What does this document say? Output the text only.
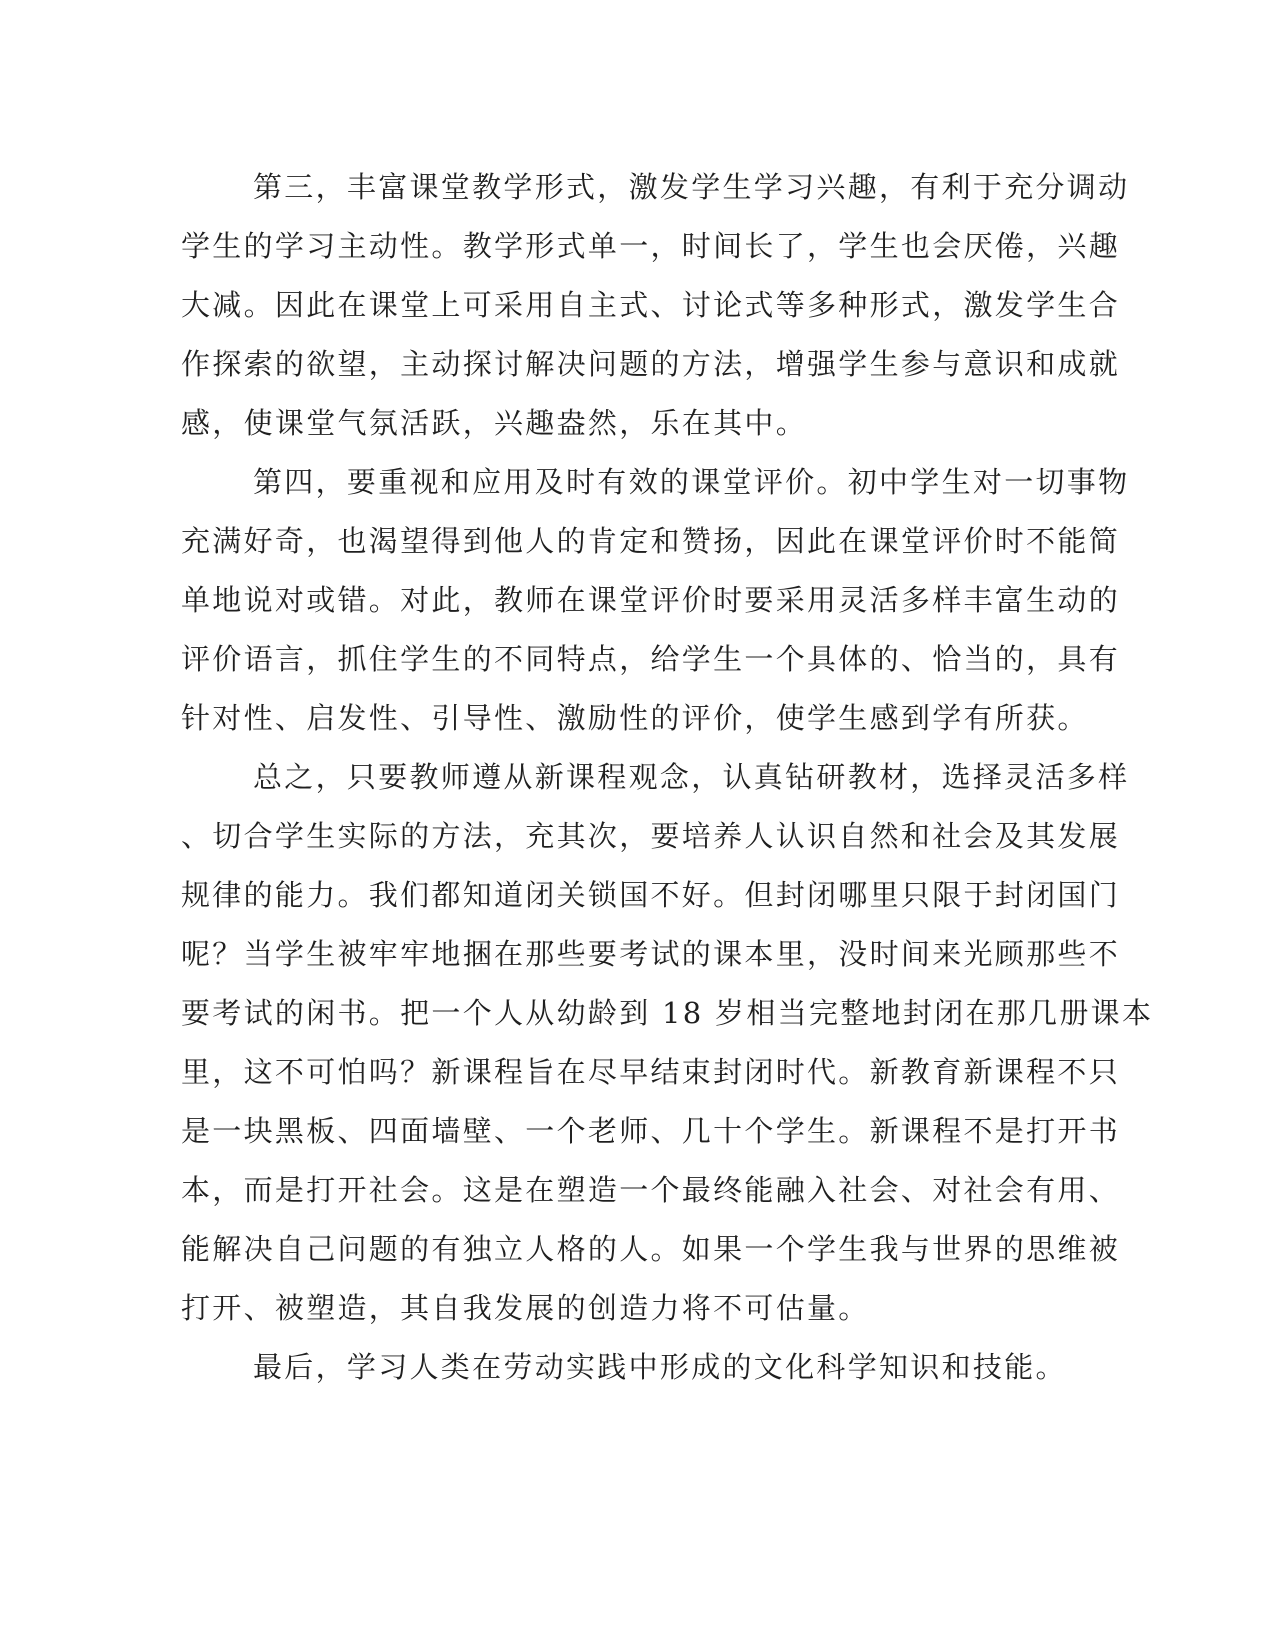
第三，丰富课堂教学形式，激发学生学习兴趣，有利于充分调动
学生的学习主动性。教学形式单一，时间长了，学生也会厌倦，兴趣
大减。因此在课堂上可采用自主式、讨论式等多种形式，激发学生合
作探索的欲望，主动探讨解决问题的方法，增强学生参与意识和成就
感，使课堂气氛活跃，兴趣盎然，乐在其中。
第四，要重视和应用及时有效的课堂评价。初中学生对一切事物
充满好奇，也渴望得到他人的肯定和赞扬，因此在课堂评价时不能简
单地说对或错。对此，教师在课堂评价时要采用灵活多样丰富生动的
评价语言，抓住学生的不同特点，给学生一个具体的、恰当的，具有
针对性、启发性、引导性、激励性的评价，使学生感到学有所获。
总之，只要教师遵从新课程观念，认真钻研教材，选择灵活多样
、切合学生实际的方法，充其次，要培养人认识自然和社会及其发展
规律的能力。我们都知道闭关锁国不好。但封闭哪里只限于封闭国门
呢？当学生被牢牢地捆在那些要考试的课本里，没时间来光顾那些不
要考试的闲书。把一个人从幼龄到 18 岁相当完整地封闭在那几册课本
里，这不可怕吗？新课程旨在尽早结束封闭时代。新教育新课程不只
是一块黑板、四面墙壁、一个老师、几十个学生。新课程不是打开书
本，而是打开社会。这是在塑造一个最终能融入社会、对社会有用、
能解决自己问题的有独立人格的人。如果一个学生我与世界的思维被
打开、被塑造，其自我发展的创造力将不可估量。
最后，学习人类在劳动实践中形成的文化科学知识和技能。
